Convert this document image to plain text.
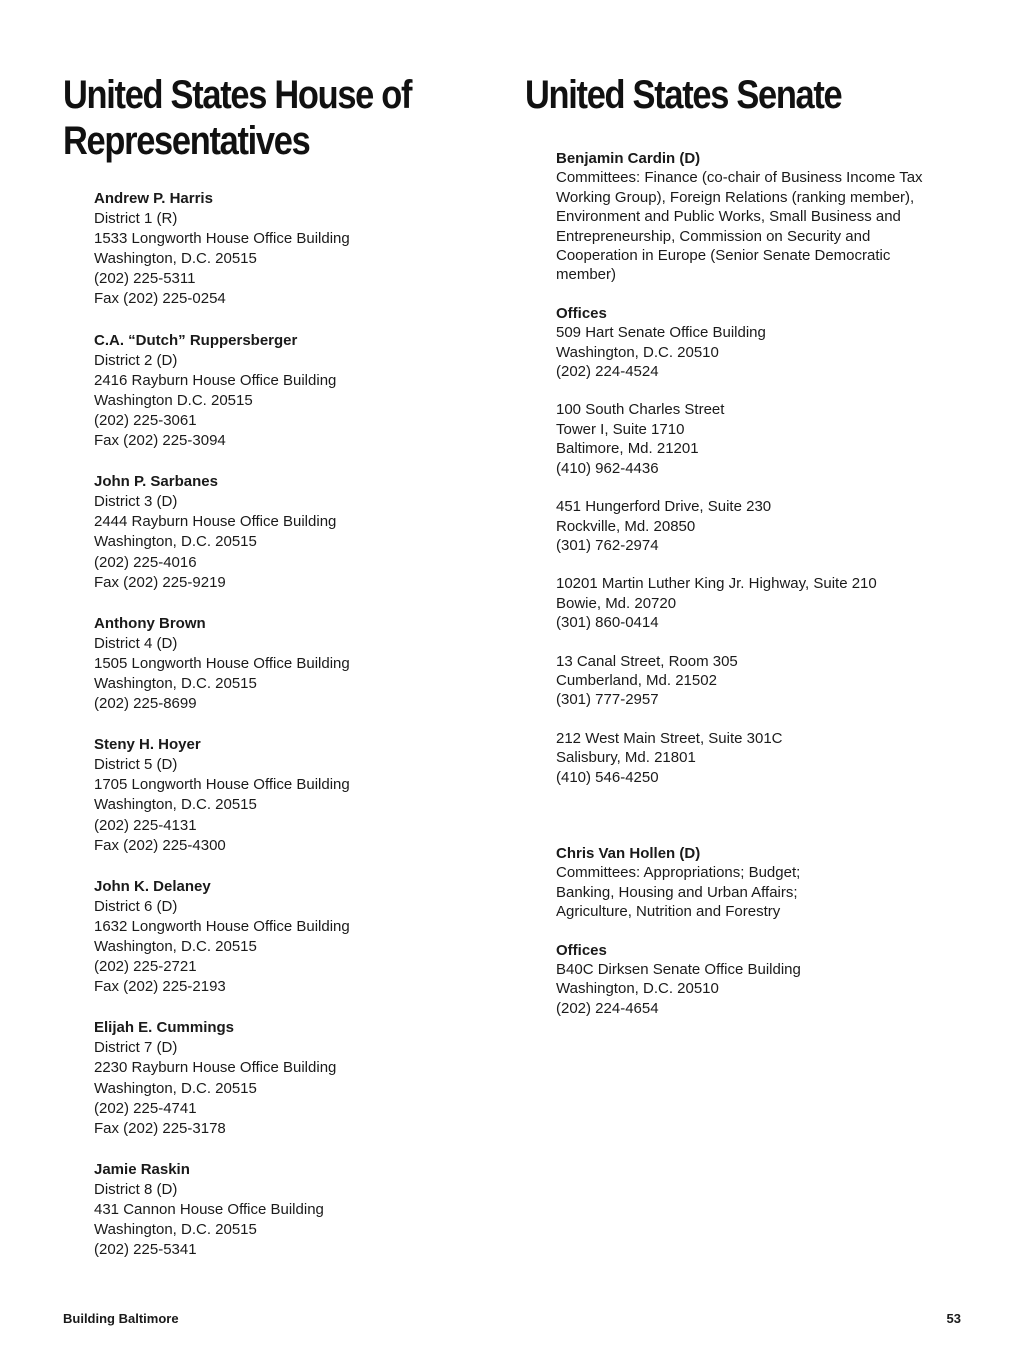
United States House of
Representatives
Andrew P. Harris
District 1 (R)
1533 Longworth House Office Building
Washington, D.C. 20515
(202) 225-5311
Fax (202) 225-0254
C.A. “Dutch” Ruppersberger
District 2 (D)
2416 Rayburn House Office Building
Washington D.C. 20515
(202) 225-3061
Fax (202) 225-3094
John P. Sarbanes
District 3 (D)
2444 Rayburn House Office Building
Washington, D.C. 20515
(202) 225-4016
Fax (202) 225-9219
Anthony Brown
District 4 (D)
1505 Longworth House Office Building
Washington, D.C. 20515
(202) 225-8699
Steny H. Hoyer
District 5 (D)
1705 Longworth House Office Building
Washington, D.C. 20515
(202) 225-4131
Fax (202) 225-4300
John K. Delaney
District 6 (D)
1632 Longworth House Office Building
Washington, D.C. 20515
(202) 225-2721
Fax (202) 225-2193
Elijah E. Cummings
District 7 (D)
2230 Rayburn House Office Building
Washington, D.C. 20515
(202) 225-4741
Fax (202) 225-3178
Jamie Raskin
District 8 (D)
431 Cannon House Office Building
Washington, D.C. 20515
(202) 225-5341
United States Senate
Benjamin Cardin (D)
Committees: Finance (co-chair of Business Income Tax
Working Group), Foreign Relations (ranking member),
Environment and Public Works, Small Business and
Entrepreneurship, Commission on Security and
Cooperation in Europe (Senior Senate Democratic
member)
Offices
509 Hart Senate Office Building
Washington, D.C. 20510
(202) 224-4524
100 South Charles Street
Tower I, Suite 1710
Baltimore, Md. 21201
(410) 962-4436
451 Hungerford Drive, Suite 230
Rockville, Md. 20850
(301) 762-2974
10201 Martin Luther King Jr. Highway, Suite 210
Bowie, Md. 20720
(301) 860-0414
13 Canal Street, Room 305
Cumberland, Md. 21502
(301) 777-2957
212 West Main Street, Suite 301C
Salisbury, Md. 21801
(410) 546-4250
Chris Van Hollen (D)
Committees: Appropriations; Budget;
Banking, Housing and Urban Affairs;
Agriculture, Nutrition and Forestry
Offices
B40C Dirksen Senate Office Building
Washington, D.C. 20510
(202) 224-4654
Building Baltimore	53
